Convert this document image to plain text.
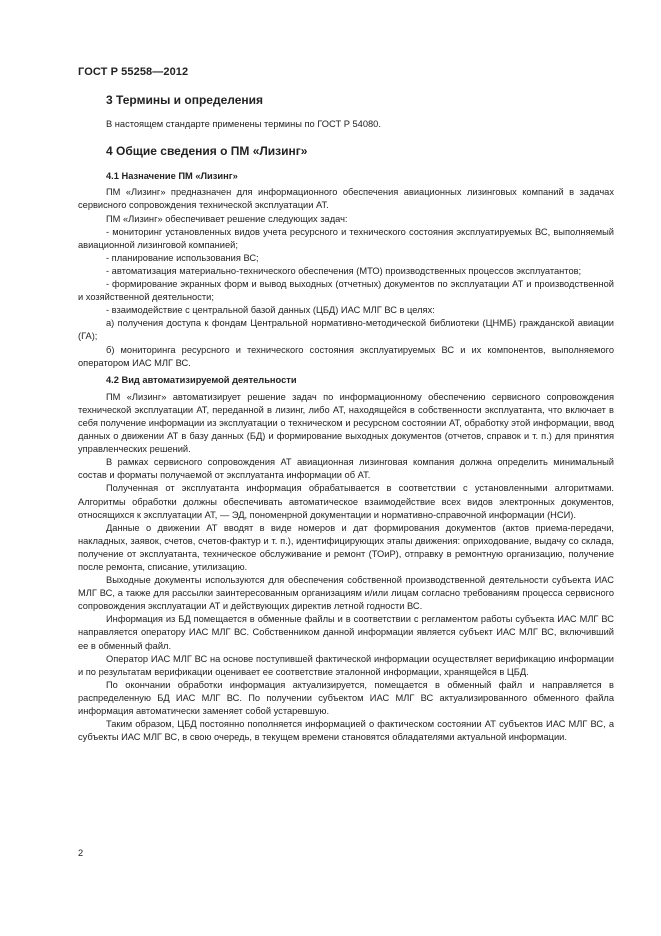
ГОСТ Р 55258—2012
3 Термины и определения

В настоящем стандарте применены термины по ГОСТ Р 54080.

4 Общие сведения о ПМ «Лизинг»
4.1 Назначение ПМ «Лизинг»

ПМ «Лизинг» предназначен для информационного обеспечения авиационных лизинговых компаний в задачах сервисного сопровождения технической эксплуатации АТ.

ПМ «Лизинг» обеспечивает решение следующих задач:

- мониторинг установленных видов учета ресурсного и технического состояния эксплуатируемых ВС, выполняемый авиационной лизинговой компанией;

- планирование использования ВС;

- автоматизация материально-технического обеспечения (МТО) производственных процессов эксплуатантов;

- формирование экранных форм и вывод выходных (отчетных) документов по эксплуатации АТ и производственной и хозяйственной деятельности;

- взаимодействие с центральной базой данных (ЦБД) ИАС МЛГ ВС в целях:

а) получения доступа к фондам Центральной нормативно-методической библиотеки (ЦНМБ) гражданской авиации (ГА);

б) мониторинга ресурсного и технического состояния эксплуатируемых ВС и их компонентов, выполняемого оператором ИАС МЛГ ВС.

4.2 Вид автоматизируемой деятельности

ПМ «Лизинг» автоматизирует решение задач по информационному обеспечению сервисного сопровождения технической эксплуатации АТ, переданной в лизинг, либо АТ, находящейся в собственности эксплуатанта, что включает в себя получение информации из эксплуатации о техническом и ресурсном состоянии АТ, обработку этой информации, ввод данных о движении АТ в базу данных (БД) и формирование выходных документов (отчетов, справок и т. п.) для принятия управленческих решений.

В рамках сервисного сопровождения АТ авиационная лизинговая компания должна определить минимальный состав и форматы получаемой от эксплуатанта информации об АТ.

Полученная от эксплуатанта информация обрабатывается в соответствии с установленными алгоритмами. Алгоритмы обработки должны обеспечивать автоматическое взаимодействие всех видов электронных документов, относящихся к эксплуатации АТ, — ЭД, пономенрной документации и нормативно-справочной информации (НСИ).

Данные о движении АТ вводят в виде номеров и дат формирования документов (актов приема-передачи, накладных, заявок, счетов, счетов-фактур и т. п.), идентифицирующих этапы движения: оприходование, выдачу со склада, получение от эксплуатанта, техническое обслуживание и ремонт (ТОиР), отправку в ремонтную организацию, получение после ремонта, списание, утилизацию.

Выходные документы используются для обеспечения собственной производственной деятельности субъекта ИАС МЛГ ВС, а также для рассылки заинтересованным организациям и/или лицам согласно требованиям процесса сервисного сопровождения эксплуатации АТ и действующих директив летной годности ВС.

Информация из БД помещается в обменные файлы и в соответствии с регламентом работы субъекта ИАС МЛГ ВС направляется оператору ИАС МЛГ ВС. Собственником данной информации является субъект ИАС МЛГ ВС, включивший ее в обменный файл.

Оператор ИАС МЛГ ВС на основе поступившей фактической информации осуществляет верификацию информации и по результатам верификации оценивает ее соответствие эталонной информации, хранящейся в ЦБД.

По окончании обработки информация актуализируется, помещается в обменный файл и направляется в распределенную БД ИАС МЛГ ВС. По получении субъектом ИАС МЛГ ВС актуализированного обменного файла информация автоматически заменяет собой устаревшую.

Таким образом, ЦБД постоянно пополняется информацией о фактическом состоянии АТ субъектов ИАС МЛГ ВС, а субъекты ИАС МЛГ ВС, в свою очередь, в текущем времени становятся обладателями актуальной информации.

2
